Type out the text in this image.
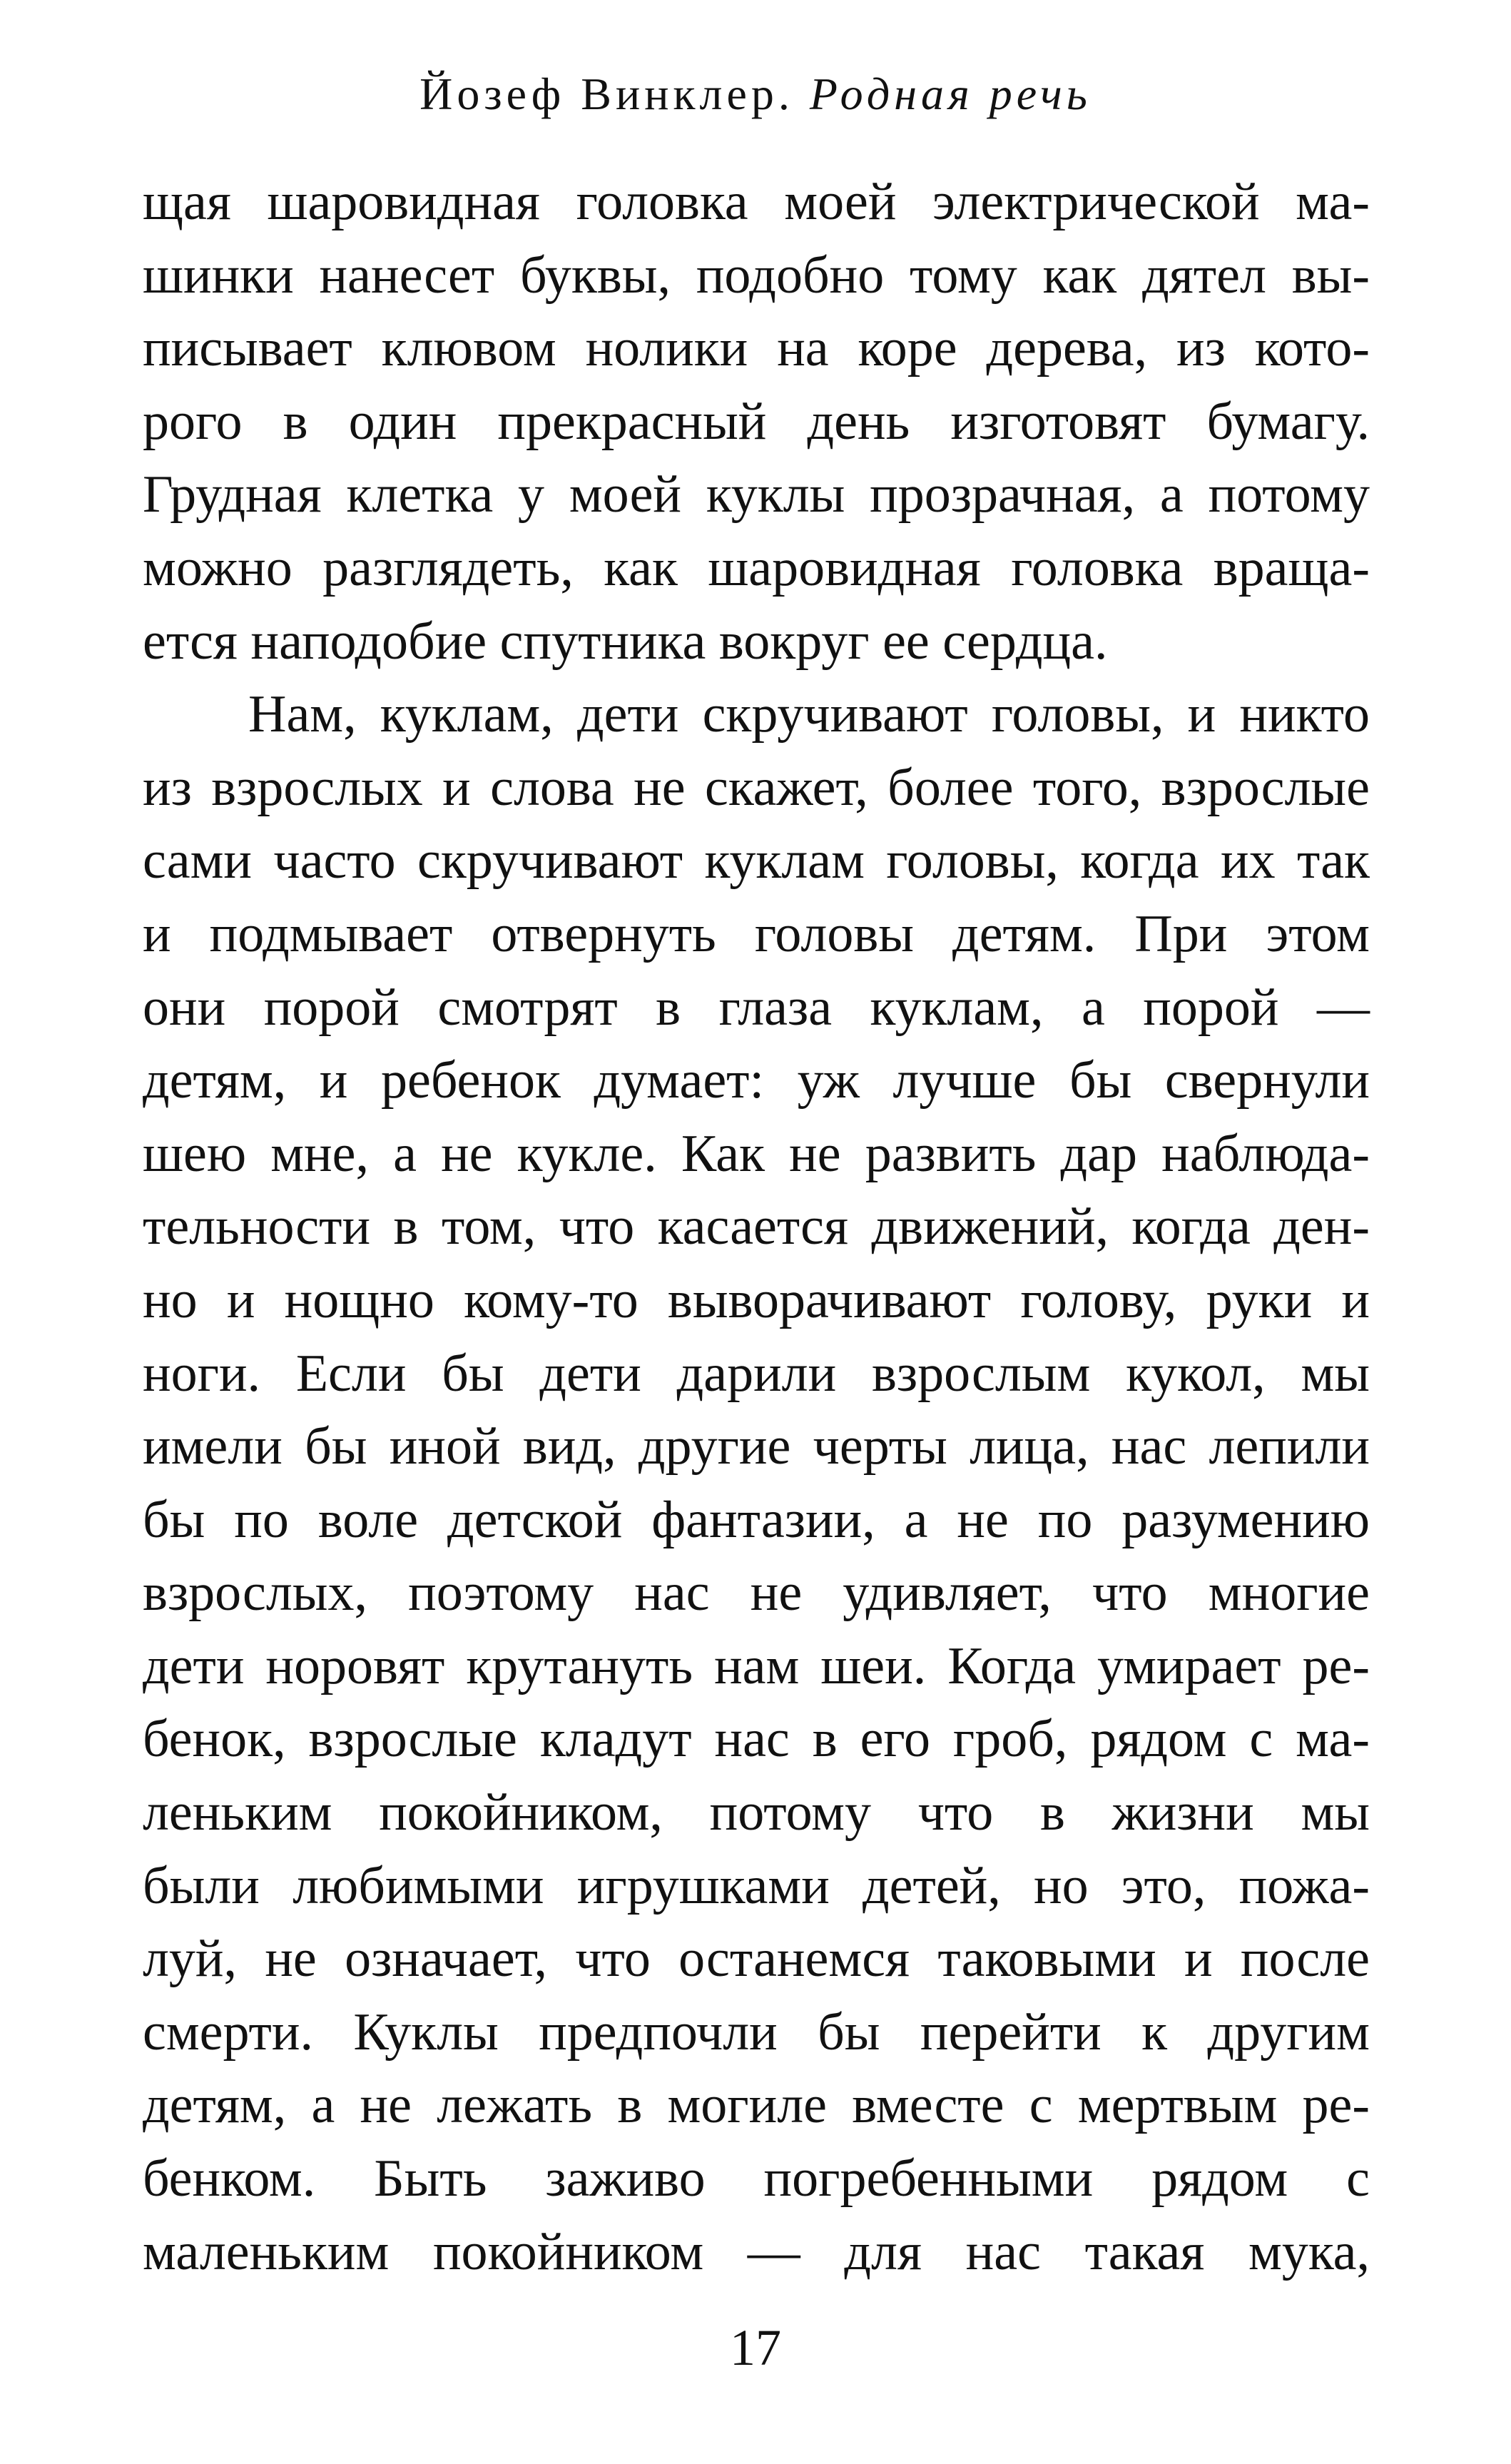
Йозеф Винклер. Родная речь
щая шаровидная головка моей электрической ма-
шинки нанесет буквы, подобно тому как дятел вы-
писывает клювом нолики на коре дерева, из кото-
рого в один прекрасный день изготовят бумагу.
Грудная клетка у моей куклы прозрачная, а потому
можно разглядеть, как шаровидная головка враща-
ется наподобие спутника вокруг ее сердца.
Нам, куклам, дети скручивают головы, и никто
из взрослых и слова не скажет, более того, взрослые
сами часто скручивают куклам головы, когда их так
и подмывает отвернуть головы детям. При этом
они порой смотрят в глаза куклам, а порой —
детям, и ребенок думает: уж лучше бы свернули
шею мне, а не кукле. Как не развить дар наблюда-
тельности в том, что касается движений, когда ден-
но и нощно кому-то выворачивают голову, руки и
ноги. Если бы дети дарили взрослым кукол, мы
имели бы иной вид, другие черты лица, нас лепили
бы по воле детской фантазии, а не по разумению
взрослых, поэтому нас не удивляет, что многие
дети норовят крутануть нам шеи. Когда умирает ре-
бенок, взрослые кладут нас в его гроб, рядом с ма-
леньким покойником, потому что в жизни мы
были любимыми игрушками детей, но это, пожа-
луй, не означает, что останемся таковыми и после
смерти. Куклы предпочли бы перейти к другим
детям, а не лежать в могиле вместе с мертвым ре-
бенком. Быть заживо погребенными рядом с
маленьким покойником — для нас такая мука,
17
